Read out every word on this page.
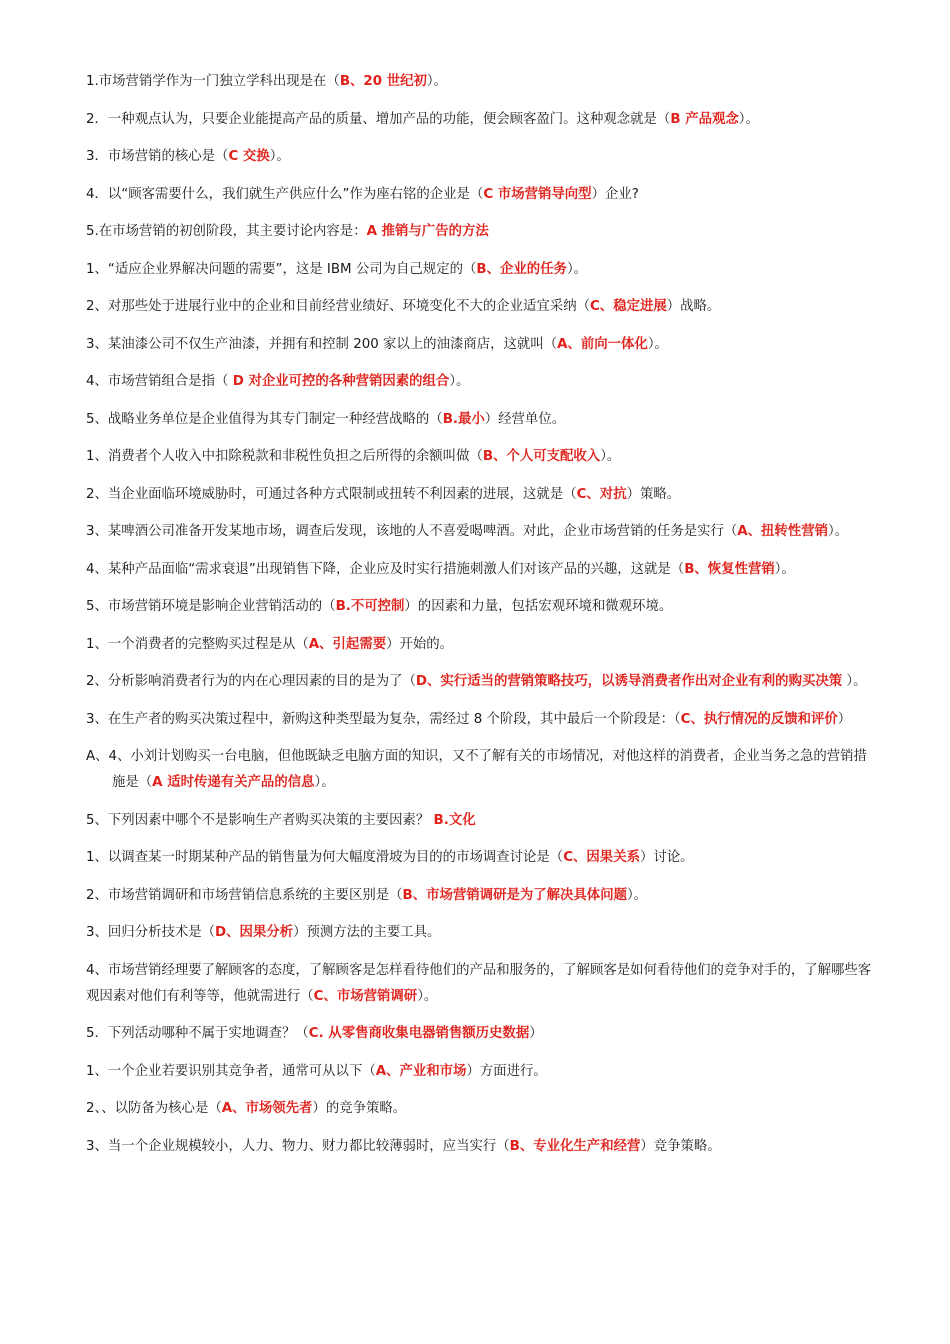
1.市场营销学作为一门独立学科出现是在（B、20 世纪初）。

2．一种观点认为，只要企业能提高产品的质量、增加产品的功能，便会顾客盈门。这种观念就是（B 产品观念）。

3．市场营销的核心是（C 交换）。

4．以“顾客需要什么，我们就生产供应什么”作为座右铭的企业是（C 市场营销导向型）企业?

5.在市场营销的初创阶段，其主要讨论内容是：A 推销与广告的方法

1、“适应企业界解决问题的需要”，这是 IBM 公司为自己规定的（B、企业的任务）。

2、对那些处于进展行业中的企业和目前经营业绩好、环境变化不大的企业适宜采纳（C、稳定进展）战略。

3、某油漆公司不仅生产油漆，并拥有和控制 200 家以上的油漆商店，这就叫（A、前向一体化）。

4、市场营销组合是指（ D 对企业可控的各种营销因素的组合）。

5、战略业务单位是企业值得为其专门制定一种经营战略的（B.最小）经营单位。

1、消费者个人收入中扣除税款和非税性负担之后所得的余额叫做（B、个人可支配收入）。

2、当企业面临环境威胁时，可通过各种方式限制或扭转不利因素的进展，这就是（C、对抗）策略。

3、某啤酒公司准备开发某地市场，调查后发现，该地的人不喜爱喝啤酒。对此，企业市场营销的任务是实行（A、扭转性营销）。

4、某种产品面临“需求衰退”出现销售下降，企业应及时实行措施刺激人们对该产品的兴趣，这就是（B、恢复性营销）。

5、市场营销环境是影响企业营销活动的（B.不可控制）的因素和力量，包括宏观环境和微观环境。

1、一个消费者的完整购买过程是从（A、引起需要）开始的。

2、分析影响消费者行为的内在心理因素的目的是为了（D、实行适当的营销策略技巧，以诱导消费者作出对企业有利的购买决策 ）。

3、在生产者的购买决策过程中，新购这种类型最为复杂，需经过 8 个阶段，其中最后一个阶段是：（C、执行情况的反馈和评价）

A、4、小刘计划购买一台电脑，但他既缺乏电脑方面的知识，又不了解有关的市场情况，对他这样的消费者，企业当务之急的营销措施是（A 适时传递有关产品的信息）。

5、下列因素中哪个不是影响生产者购买决策的主要因素？ B.文化

1、以调查某一时期某种产品的销售量为何大幅度滑坡为目的的市场调查讨论是（C、因果关系）讨论。

2、市场营销调研和市场营销信息系统的主要区别是（B、市场营销调研是为了解决具体问题）。

3、回归分析技术是（D、因果分析）预测方法的主要工具。

4、市场营销经理要了解顾客的态度，了解顾客是怎样看待他们的产品和服务的，了解顾客是如何看待他们的竞争对手的，了解哪些客观因素对他们有利等等，他就需进行（C、市场营销调研）。

5．下列活动哪种不属于实地调查？（C. 从零售商收集电器销售额历史数据）

1、一个企业若要识别其竞争者，通常可从以下（A、产业和市场）方面进行。

2、、以防备为核心是（A、市场领先者）的竞争策略。

3、当一个企业规模较小，人力、物力、财力都比较薄弱时，应当实行（B、专业化生产和经营）竞争策略。
